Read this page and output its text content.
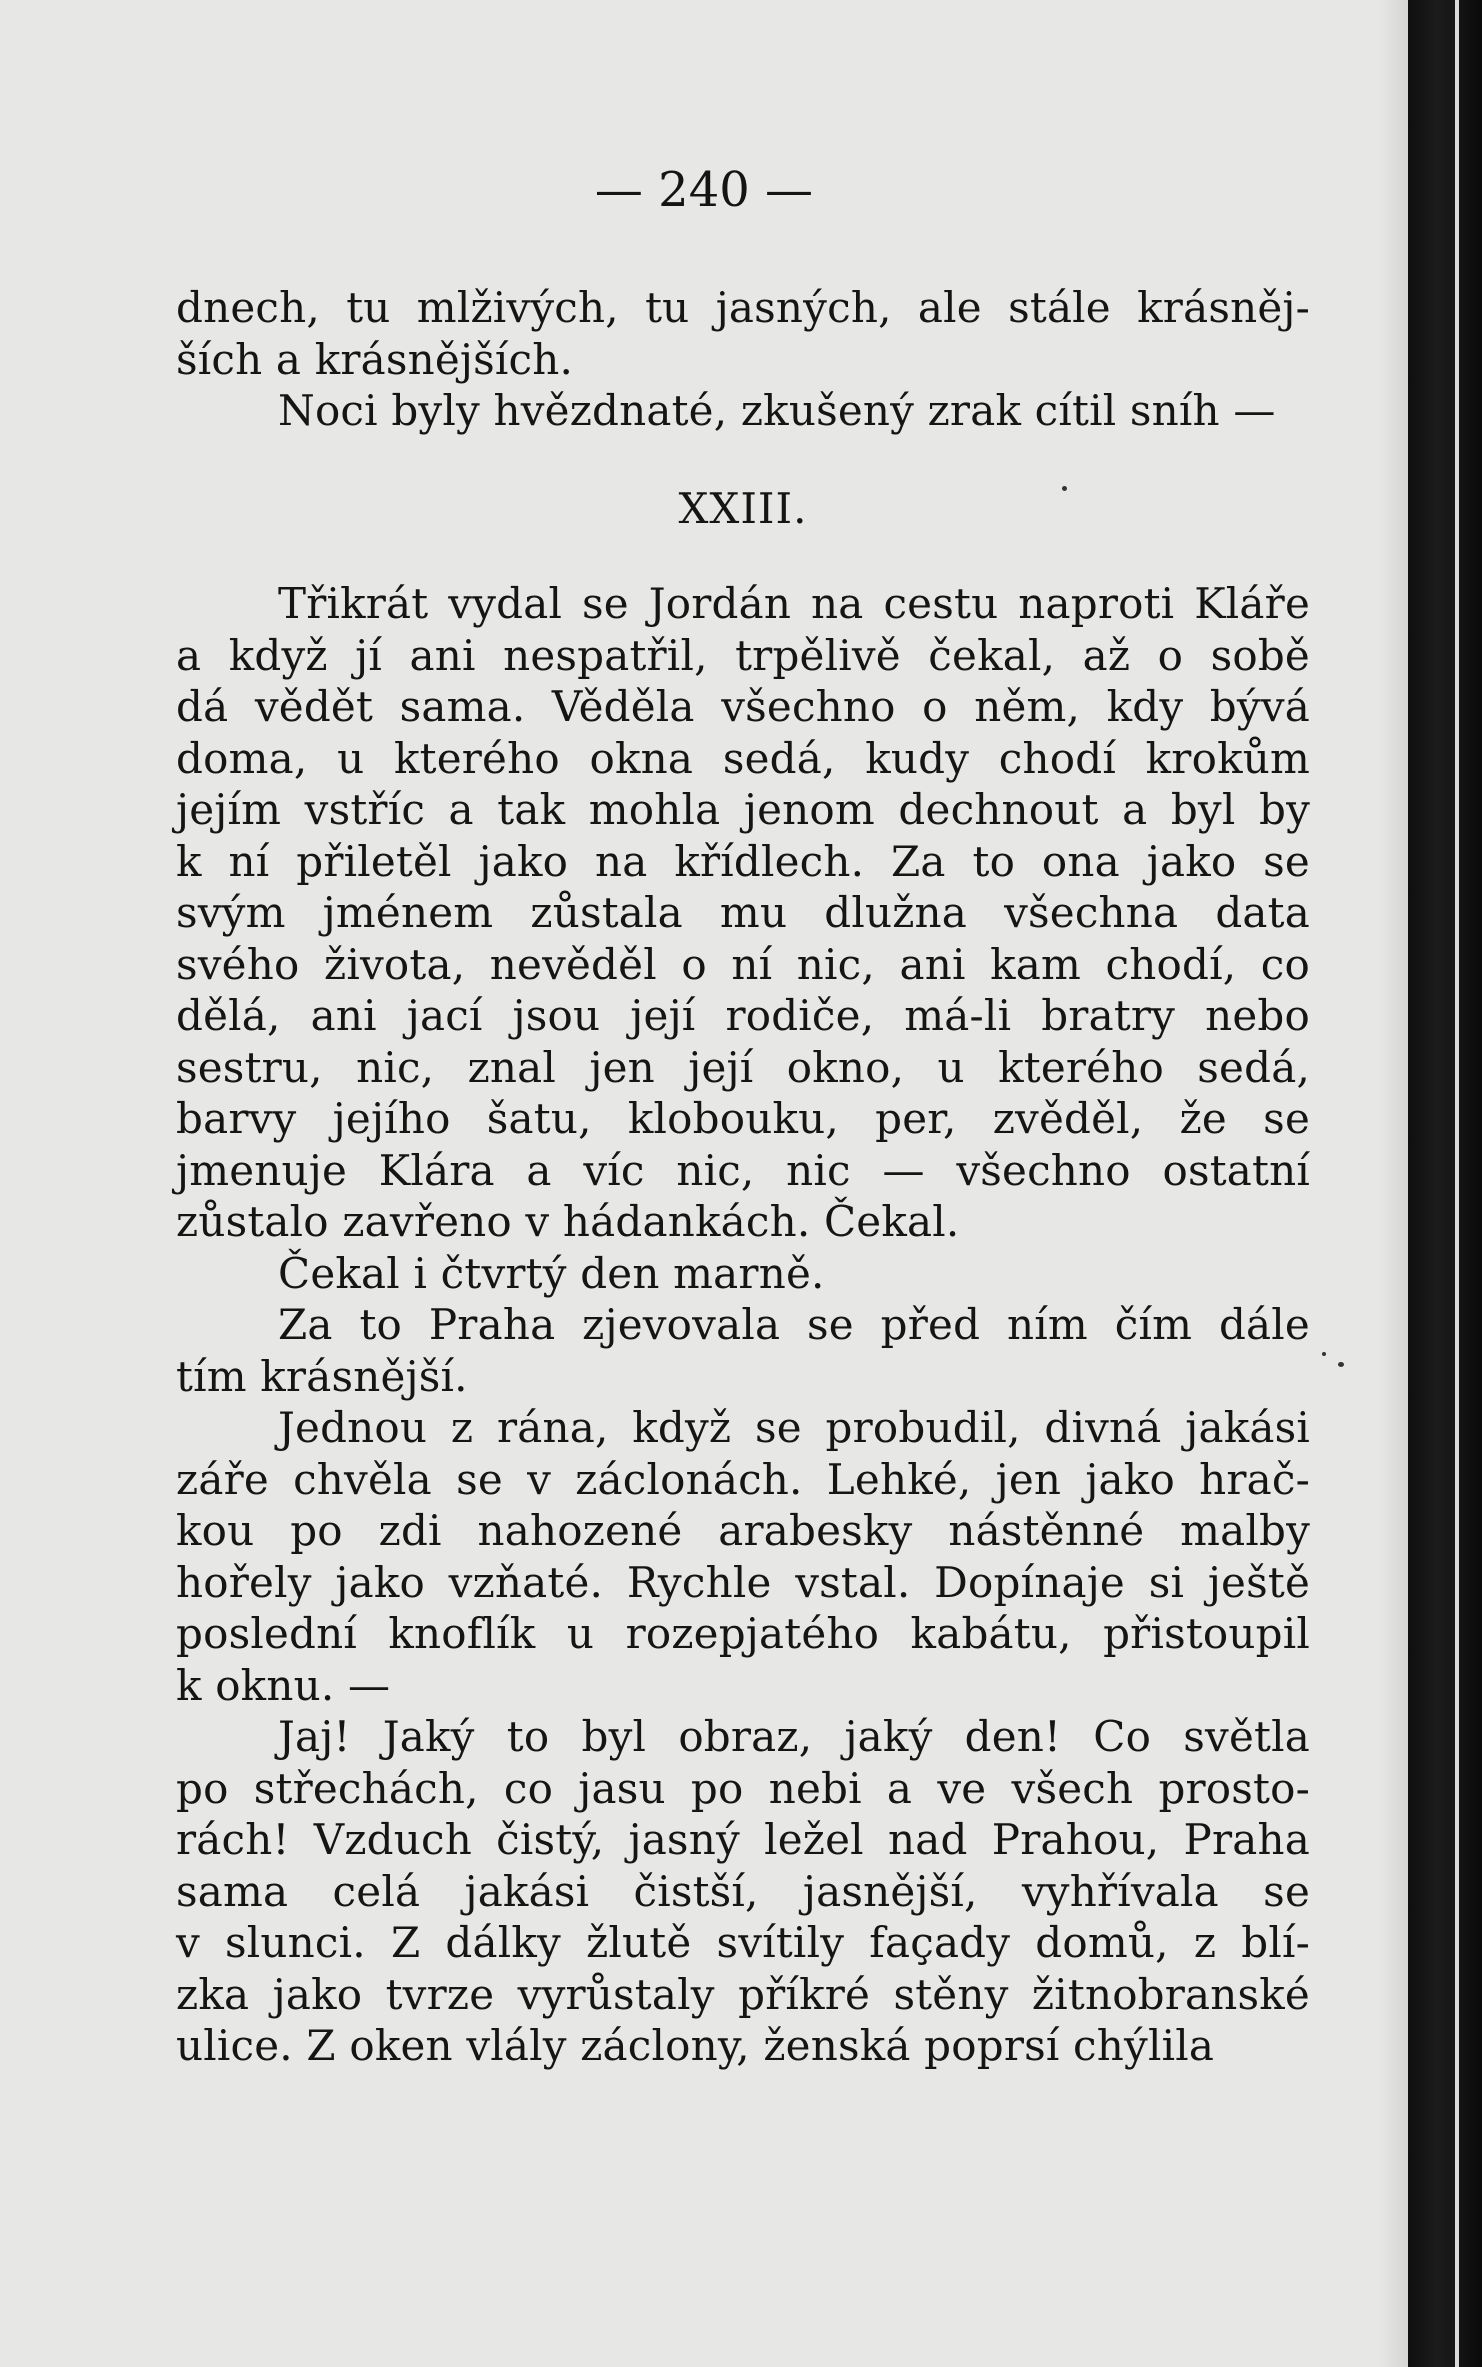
— 240 —
dnech, tu mlživých, tu jasných, ale stále krásněj-
ších a krásnějších.
Noci byly hvězdnaté, zkušený zrak cítil sníh —
XXIII.
Třikrát vydal se Jordán na cestu naproti Kláře
a když jí ani nespatřil, trpělivě čekal, až o sobě
dá vědět sama. Věděla všechno o něm, kdy bývá
doma, u kterého okna sedá, kudy chodí krokům
jejím vstříc a tak mohla jenom dechnout a byl by
k ní přiletěl jako na křídlech. Za to ona jako se
svým jménem zůstala mu dlužna všechna data
svého života, nevěděl o ní nic, ani kam chodí, co
dělá, ani jací jsou její rodiče, má-li bratry nebo
sestru, nic, znal jen její okno, u kterého sedá,
barvy jejího šatu, klobouku, per, zvěděl, že se
jmenuje Klára a víc nic, nic — všechno ostatní
zůstalo zavřeno v hádankách. Čekal.
Čekal i čtvrtý den marně.
Za to Praha zjevovala se před ním čím dále
tím krásnější.
Jednou z rána, když se probudil, divná jakási
záře chvěla se v záclonách. Lehké, jen jako hrač-
kou po zdi nahozené arabesky nástěnné malby
hořely jako vzňaté. Rychle vstal. Dopínaje si ještě
poslední knoflík u rozepjatého kabátu, přistoupil
k oknu. —
Jaj! Jaký to byl obraz, jaký den! Co světla
po střechách, co jasu po nebi a ve všech prosto-
rách! Vzduch čistý, jasný ležel nad Prahou, Praha
sama celá jakási čistší, jasnější, vyhřívala se
v slunci. Z dálky žlutě svítily façady domů, z blí-
zka jako tvrze vyrůstaly příkré stěny žitnobranské
ulice. Z oken vlály záclony, ženská poprsí chýlila
